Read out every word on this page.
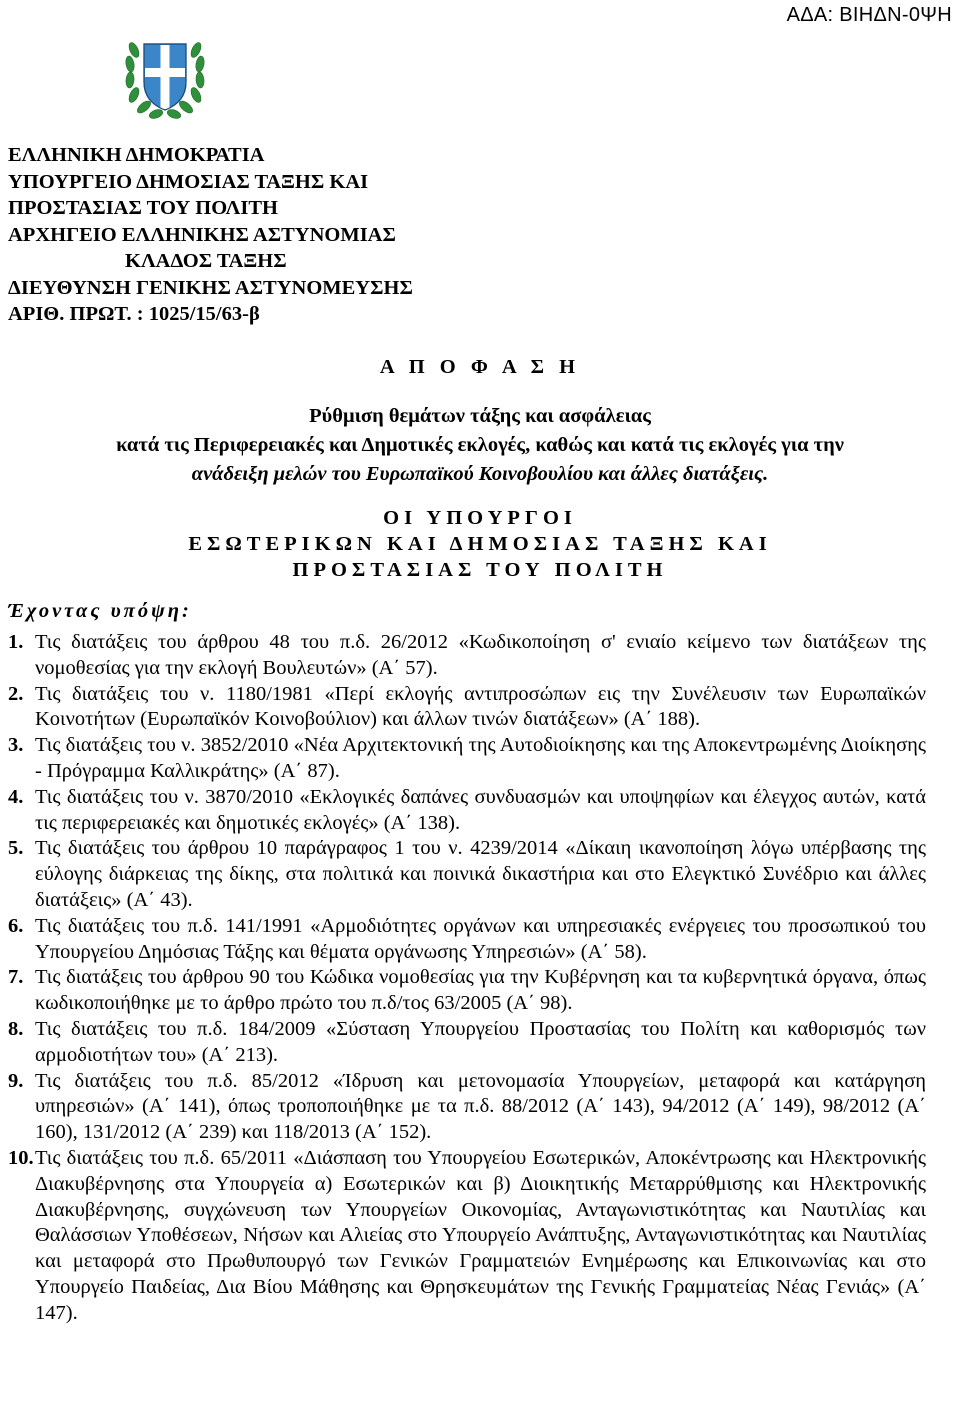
ΑΔΑ: ΒΙΗΔΝ-0ΨΗ
ΕΛΛΗΝΙΚΗ ΔΗΜΟΚΡΑΤΙΑ
ΥΠΟΥΡΓΕΙΟ ΔΗΜΟΣΙΑΣ ΤΑΞΗΣ ΚΑΙ
ΠΡΟΣΤΑΣΙΑΣ ΤΟΥ ΠΟΛΙΤΗ
ΑΡΧΗΓΕΙΟ ΕΛΛΗΝΙΚΗΣ ΑΣΤΥΝΟΜΙΑΣ
ΚΛΑΔΟΣ ΤΑΞΗΣ
ΔΙΕΥΘΥΝΣΗ ΓΕΝΙΚΗΣ ΑΣΤΥΝΟΜΕΥΣΗΣ
ΑΡΙΘ. ΠΡΩΤ. : 1025/15/63-β
Α Π Ο Φ Α Σ Η
Ρύθμιση θεμάτων τάξης και ασφάλειας
κατά τις Περιφερειακές και Δημοτικές εκλογές, καθώς και κατά τις εκλογές για την
ανάδειξη μελών του Ευρωπαϊκού Κοινοβουλίου και άλλες διατάξεις.
ΟΙ ΥΠΟΥΡΓΟΙ
ΕΣΩΤΕΡΙΚΩΝ ΚΑΙ ΔΗΜΟΣΙΑΣ ΤΑΞΗΣ ΚΑΙ
ΠΡΟΣΤΑΣΙΑΣ ΤΟΥ ΠΟΛΙΤΗ
Έχοντας υπόψη:
1. Τις διατάξεις του άρθρου 48 του π.δ. 26/2012 «Κωδικοποίηση σ' ενιαίο κείμενο των διατάξεων της νομοθεσίας για την εκλογή Βουλευτών» (Α΄ 57).
2. Τις διατάξεις του ν. 1180/1981 «Περί εκλογής αντιπροσώπων εις την Συνέλευσιν των Ευρωπαϊκών Κοινοτήτων (Ευρωπαϊκόν Κοινοβούλιον) και άλλων τινών διατάξεων» (Α΄ 188).
3. Τις διατάξεις του ν. 3852/2010 «Νέα Αρχιτεκτονική της Αυτοδιοίκησης και της Αποκεντρωμένης Διοίκησης - Πρόγραμμα Καλλικράτης» (Α΄ 87).
4. Τις διατάξεις του ν. 3870/2010 «Εκλογικές δαπάνες συνδυασμών και υποψηφίων και έλεγχος αυτών, κατά τις περιφερειακές και δημοτικές εκλογές» (Α΄ 138).
5. Τις διατάξεις του άρθρου 10 παράγραφος 1 του ν. 4239/2014 «Δίκαιη ικανοποίηση λόγω υπέρβασης της εύλογης διάρκειας της δίκης, στα πολιτικά και ποινικά δικαστήρια και στο Ελεγκτικό Συνέδριο και άλλες διατάξεις» (Α΄ 43).
6. Τις διατάξεις του π.δ. 141/1991 «Αρμοδιότητες οργάνων και υπηρεσιακές ενέργειες του προσωπικού του Υπουργείου Δημόσιας Τάξης και θέματα οργάνωσης Υπηρεσιών» (Α΄ 58).
7. Τις διατάξεις του άρθρου 90 του Κώδικα νομοθεσίας για την Κυβέρνηση και τα κυβερνητικά όργανα, όπως κωδικοποιήθηκε με το άρθρο πρώτο του π.δ/τος 63/2005 (Α΄ 98).
8. Τις διατάξεις του π.δ. 184/2009 «Σύσταση Υπουργείου Προστασίας του Πολίτη και καθορισμός των αρμοδιοτήτων του» (Α΄ 213).
9. Τις διατάξεις του π.δ. 85/2012 «Ίδρυση και μετονομασία Υπουργείων, μεταφορά και κατάργηση υπηρεσιών» (Α΄ 141), όπως τροποποιήθηκε με τα π.δ. 88/2012 (Α΄ 143), 94/2012 (Α΄ 149), 98/2012 (Α΄ 160), 131/2012 (Α΄ 239) και 118/2013 (Α΄ 152).
10. Τις διατάξεις του π.δ. 65/2011 «Διάσπαση του Υπουργείου Εσωτερικών, Αποκέντρωσης και Ηλεκτρονικής Διακυβέρνησης στα Υπουργεία α) Εσωτερικών και β) Διοικητικής Μεταρρύθμισης και Ηλεκτρονικής Διακυβέρνησης, συγχώνευση των Υπουργείων Οικονομίας, Ανταγωνιστικότητας και Ναυτιλίας και Θαλάσσιων Υποθέσεων, Νήσων και Αλιείας στο Υπουργείο Ανάπτυξης, Ανταγωνιστικότητας και Ναυτιλίας και μεταφορά στο Πρωθυπουργό των Γενικών Γραμματειών Ενημέρωσης και Επικοινωνίας και στο Υπουργείο Παιδείας, Δια Βίου Μάθησης και Θρησκευμάτων της Γενικής Γραμματείας Νέας Γενιάς» (Α΄ 147).
